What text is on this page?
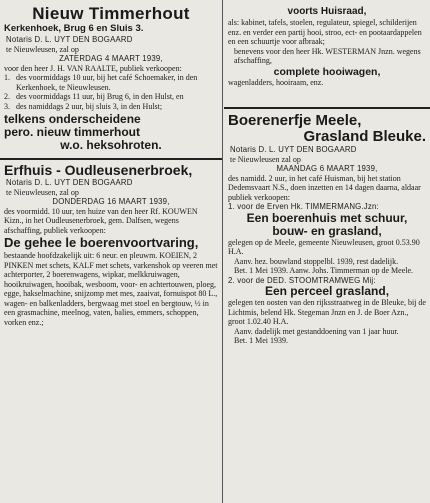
Nieuw Timmerhout

Kerkenhoek, Brug 6 en Sluis 3.

Notaris D. L. UYT DEN BOGAARD

te Nieuwleusen, zal op

ZATERDAG 4 MAART 1939,

voor den heer J. H. VAN RAALTE, publiek verkoopen:

1. des voormiddags 10 uur, bij het café Schoemaker, in den Kerkenhoek, te Nieuwleusen.
2. des voormiddags 11 uur, bij Brug 6, in den Hulst, en
3. des namiddags 2 uur, bij sluis 3, in den Hulst;

telkens onderscheidene

pero. nieuw timmerhout

w.o. heksohroten.

Erfhuis - Oudleusenerbroek,

Notaris D. L. UYT DEN BOGAARD

te Nieuwleusen, zal op

DONDERDAG 16 MAART 1939,

des voormidd. 10 uur, ten huize van den heer Rf. KOUWEN Kizn., in het Oudleusenerbroek, gem. Dalfsen, wegens afschaffing, publiek verkoopen:

De gehee le boerenvoortvaring,

bestaande hoofdzakelijk uit: 6 neur. en pleuwm. KOEIEN, 2 PINKEN met schets, KALF met schets, varkenshok op veeren met achterporter, 2 boerenwagens, wipkar, melkkruiwagen, hooikruiwagen, hooibak, wesboom, voor- en achtertouwen, ploeg, egge, hakselmachine, snijzomp met mes, zaaivat, fornuispot 80 L., wagen- en balkenladders, bergwaag met stoel en bergtouw, ½ in een grasmachine, meelnog, vaten, balies, emmers, schoppen, vorken enz.;

voorts Huisraad,

als: kabinet, tafels, stoelen, regulateur, spiegel, schilderijen enz. en verder een partij hooi, stroo, ect- en pootaardappelen en een schuurtje voor afbraak;

benevens voor den heer Hk. WESTERMAN Jnzn. wegens afschaffing,

complete hooiwagen,

wagenladders, hooiraam, enz.

Boerenerfje Meele,

Grasland Bleuke.

Notaris D. L. UYT DEN BOGAARD

te Nieuwleusen zal op

MAANDAG 6 MAART 1939,

des namidd. 2 uur, in het café Huisman, bij het station Dedemsvaart N.S., doen inzetten en 14 dagen daarna, aldaar publiek verkoopen:

1. voor de Erven Hk. TIMMERMANG.Jzn:

Een boerenhuis met schuur,

bouw- en grasland,

gelegen op de Meele, gemeente Nieuwleusen, groot 0.53.90 H.A.

Aanv. hez. bouwland stoppelbl. 1939, rest dadelijk.

Bet. 1 Mei 1939. Aanw. Johs. Timmerman op de Meele.

2. voor de DED. STOOMTRAMWEG Mij:

Een perceel grasland,

gelegen ten oosten van den rijksstraatweg in de Bleuke, bij de Lichtmis, belend Hk. Stegeman Jnzn en J. de Boer Azn., groot 1.02.40 H.A.

Aanv. dadelijk met gestanddoening van 1 jaar huur.

Bet. 1 Mei 1939.
